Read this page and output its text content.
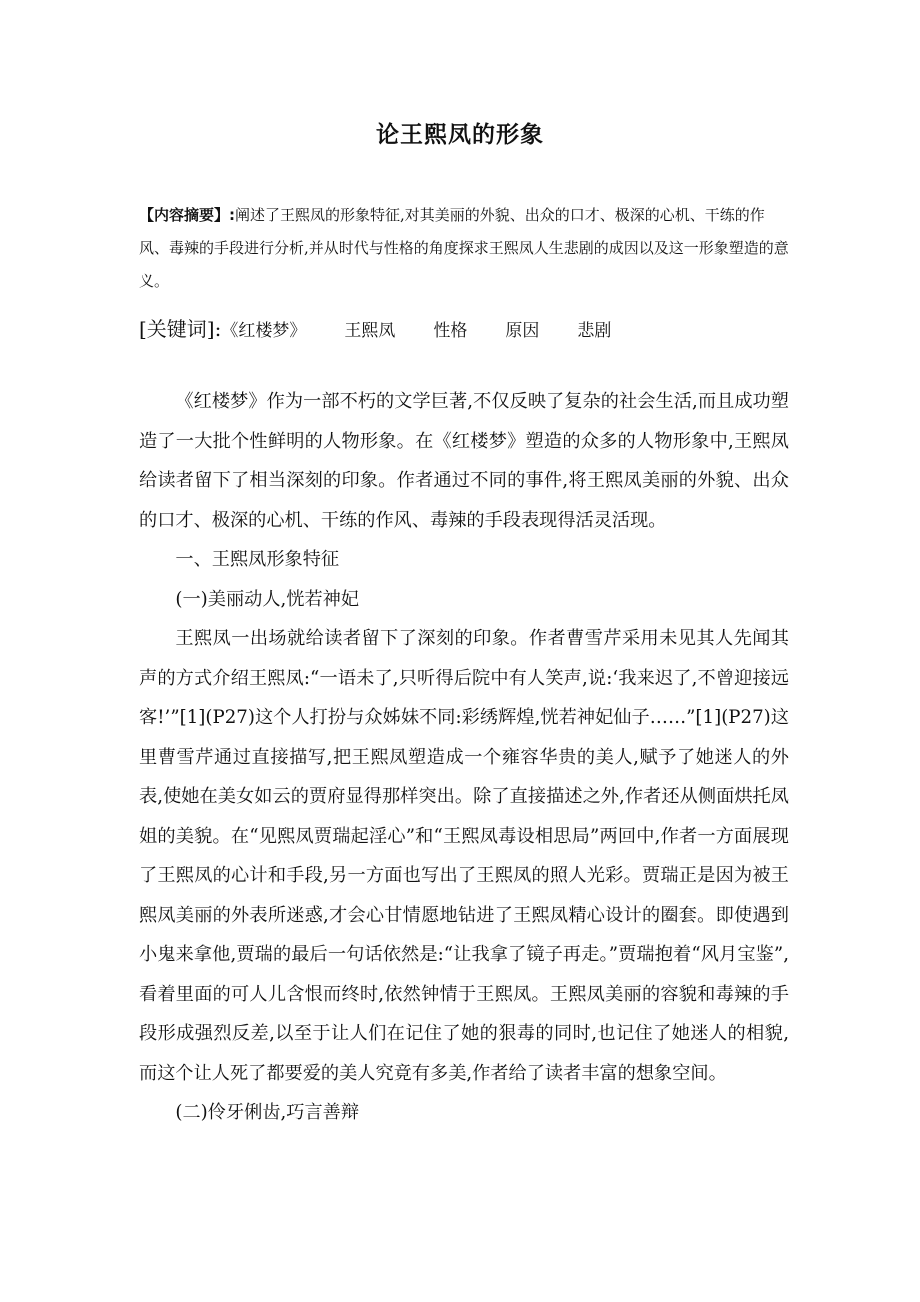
论王熙凤的形象
【内容摘要】:阐述了王熙凤的形象特征,对其美丽的外貌、出众的口才、极深的心机、干练的作风、毒辣的手段进行分析,并从时代与性格的角度探求王熙凤人生悲剧的成因以及这一形象塑造的意义。
[关键词]:《红楼梦》 王熙凤 性格 原因 悲剧

《红楼梦》作为一部不朽的文学巨著,不仅反映了复杂的社会生活,而且成功塑造了一大批个性鲜明的人物形象。在《红楼梦》塑造的众多的人物形象中,王熙凤给读者留下了相当深刻的印象。作者通过不同的事件,将王熙凤美丽的外貌、出众的口才、极深的心机、干练的作风、毒辣的手段表现得活灵活现。

一、王熙凤形象特征

(一)美丽动人,恍若神妃

王熙凤一出场就给读者留下了深刻的印象。作者曹雪芹采用未见其人先闻其声的方式介绍王熙凤:“一语未了,只听得后院中有人笑声,说:‘我来迟了,不曾迎接远客!’”[1](P27)这个人打扮与众姊妹不同:彩绣辉煌,恍若神妃仙子……”[1](P27)这里曹雪芹通过直接描写,把王熙凤塑造成一个雍容华贵的美人,赋予了她迷人的外表,使她在美女如云的贾府显得那样突出。除了直接描述之外,作者还从侧面烘托凤姐的美貌。在“见熙凤贾瑞起淫心”和“王熙凤毒设相思局”两回中,作者一方面展现了王熙凤的心计和手段,另一方面也写出了王熙凤的照人光彩。贾瑞正是因为被王熙凤美丽的外表所迷惑,才会心甘情愿地钻进了王熙凤精心设计的圈套。即使遇到小鬼来拿他,贾瑞的最后一句话依然是:“让我拿了镜子再走。”贾瑞抱着“风月宝鉴”,看着里面的可人儿含恨而终时,依然钟情于王熙凤。王熙凤美丽的容貌和毒辣的手段形成强烈反差,以至于让人们在记住了她的狠毒的同时,也记住了她迷人的相貌,而这个让人死了都要爱的美人究竟有多美,作者给了读者丰富的想象空间。

(二)伶牙俐齿,巧言善辩
